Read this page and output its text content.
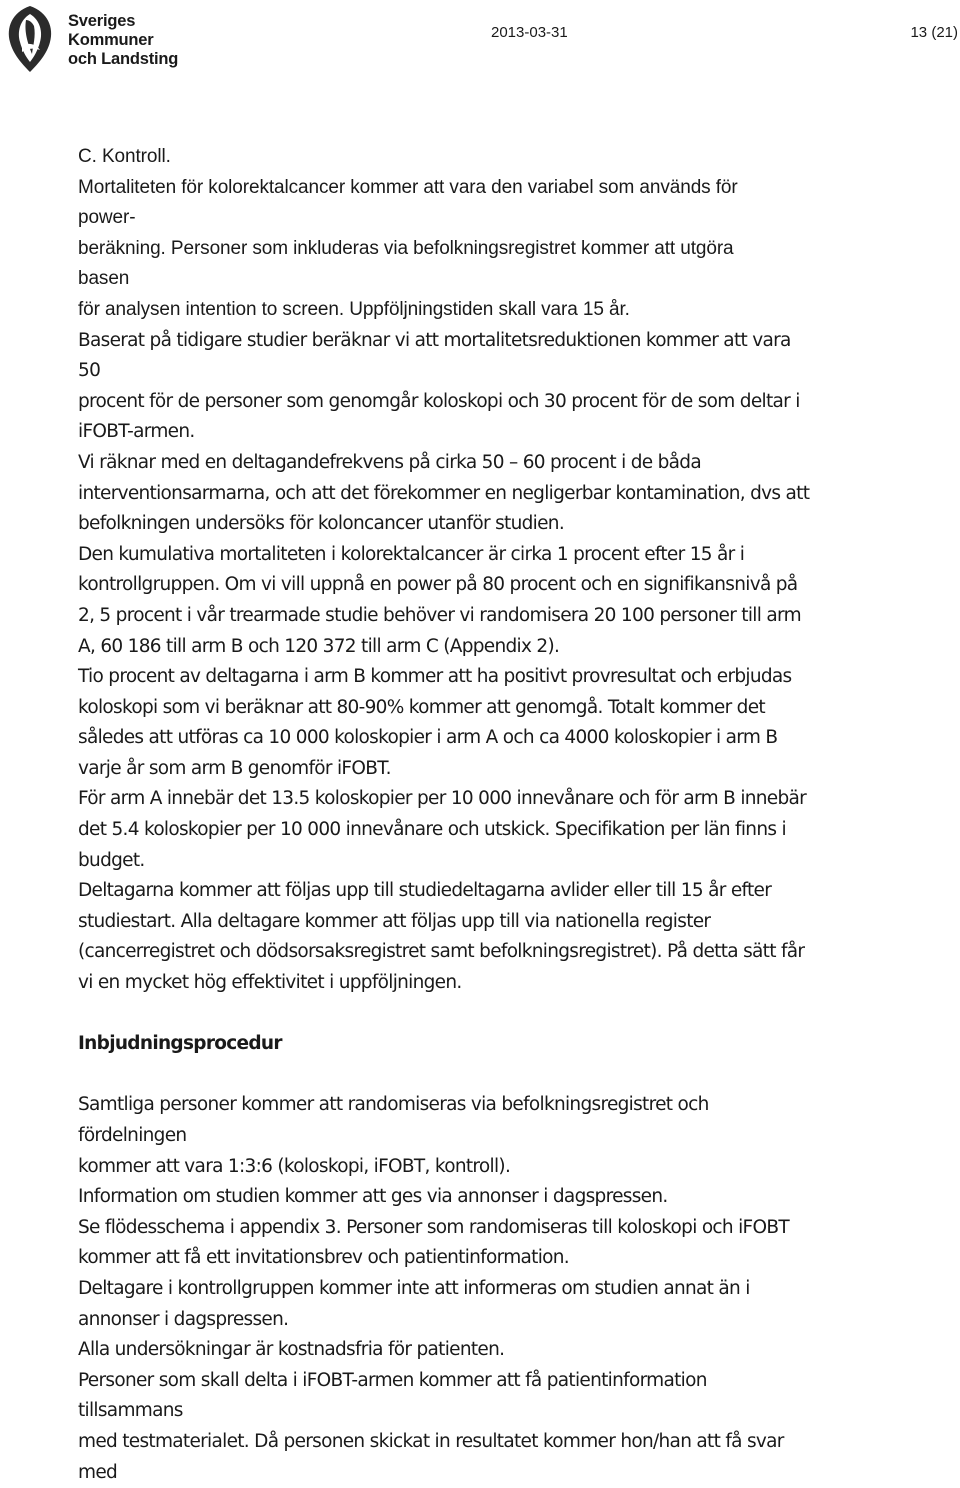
Sveriges
Kommuner
och Landsting
2013-03-31	13 (21)
C. Kontroll.
Mortaliteten för kolorektalcancer kommer att vara den variabel som används för
power-
beräkning. Personer som inkluderas via befolkningsregistret kommer att utgöra
basen
för analysen intention to screen. Uppföljningstiden skall vara 15 år.
Baserat på tidigare studier beräknar vi att mortalitetsreduktionen kommer att vara
50
procent för de personer som genomgår koloskopi och 30 procent för de som deltar i
iFOBT-armen.
Vi räknar med en deltagandefrekvens på cirka 50 – 60 procent i de båda
interventionsarmarna, och att det förekommer en negligerbar kontamination, dvs att
befolkningen undersöks för koloncancer utanför studien.
Den kumulativa mortaliteten i kolorektalcancer är cirka 1 procent efter 15 år i
kontrollgruppen. Om vi vill uppnå en power på 80 procent och en signifikansnivå på
2, 5 procent i vår trearmade studie behöver vi randomisera 20 100 personer till arm
A, 60 186 till arm B och 120 372 till arm C (Appendix 2).
Tio procent av deltagarna i arm B kommer att ha positivt provresultat och erbjudas
koloskopi som vi beräknar att 80-90% kommer att genomgå. Totalt kommer det
således att utföras ca 10 000 koloskopier i arm A och ca 4000 koloskopier i arm B
varje år som arm B genomför iFOBT.
För arm A innebär det 13.5 koloskopier per 10 000 innevånare och för arm B innebär
det 5.4 koloskopier per 10 000 innevånare och utskick. Specifikation per län finns i
budget.
Deltagarna kommer att följas upp till studiedeltagarna avlider eller till 15 år efter
studiestart. Alla deltagare kommer att följas upp till via nationella register
(cancerregistret och dödsorsaksregistret samt befolkningsregistret). På detta sätt får
vi en mycket hög effektivitet i uppföljningen.
Inbjudningsprocedur
Samtliga personer kommer att randomiseras via befolkningsregistret och
fördelningen
kommer att vara 1:3:6 (koloskopi, iFOBT, kontroll).
Information om studien kommer att ges via annonser i dagspressen.
Se flödesschema i appendix 3. Personer som randomiseras till koloskopi och iFOBT
kommer att få ett invitationsbrev och patientinformation.
Deltagare i kontrollgruppen kommer inte att informeras om studien annat än i
annonser i dagspressen.
Alla undersökningar är kostnadsfria för patienten.
Personer som skall delta i iFOBT-armen kommer att få patientinformation
tillsammans
med testmaterialet. Då personen skickat in resultatet kommer hon/han att få svar
med
